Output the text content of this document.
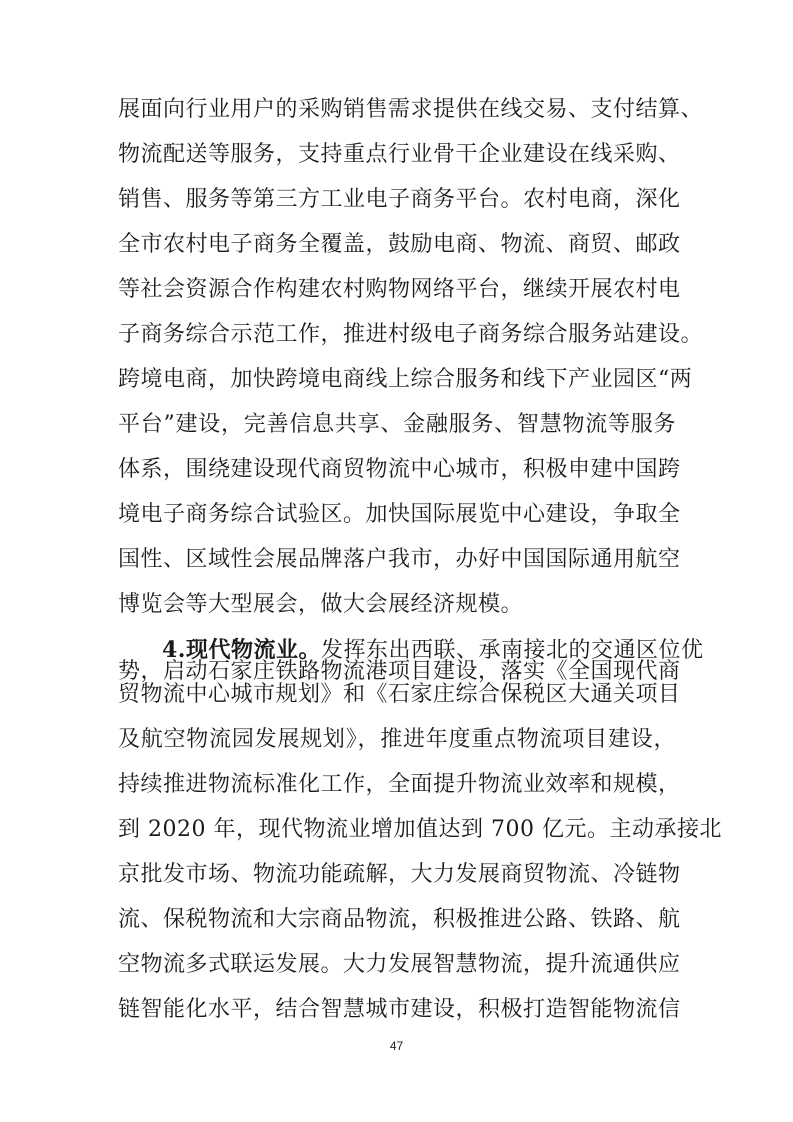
展面向行业用户的采购销售需求提供在线交易、支付结算、
物流配送等服务，支持重点行业骨干企业建设在线采购、
销售、服务等第三方工业电子商务平台。农村电商，深化
全市农村电子商务全覆盖，鼓励电商、物流、商贸、邮政
等社会资源合作构建农村购物网络平台，继续开展农村电
子商务综合示范工作，推进村级电子商务综合服务站建设。
跨境电商，加快跨境电商线上综合服务和线下产业园区“两
平台”建设，完善信息共享、金融服务、智慧物流等服务
体系，围绕建设现代商贸物流中心城市，积极申建中国跨
境电子商务综合试验区。加快国际展览中心建设，争取全
国性、区域性会展品牌落户我市，办好中国国际通用航空
博览会等大型展会，做大会展经济规模。
4.现代物流业。发挥东出西联、承南接北的交通区位优
势，启动石家庄铁路物流港项目建设，落实《全国现代商
贸物流中心城市规划》和《石家庄综合保税区大通关项目
及航空物流园发展规划》，推进年度重点物流项目建设，
持续推进物流标准化工作，全面提升物流业效率和规模，
到 2020 年，现代物流业增加值达到 700 亿元。主动承接北
京批发市场、物流功能疏解，大力发展商贸物流、冷链物
流、保税物流和大宗商品物流，积极推进公路、铁路、航
空物流多式联运发展。大力发展智慧物流，提升流通供应
链智能化水平，结合智慧城市建设，积极打造智能物流信
47
